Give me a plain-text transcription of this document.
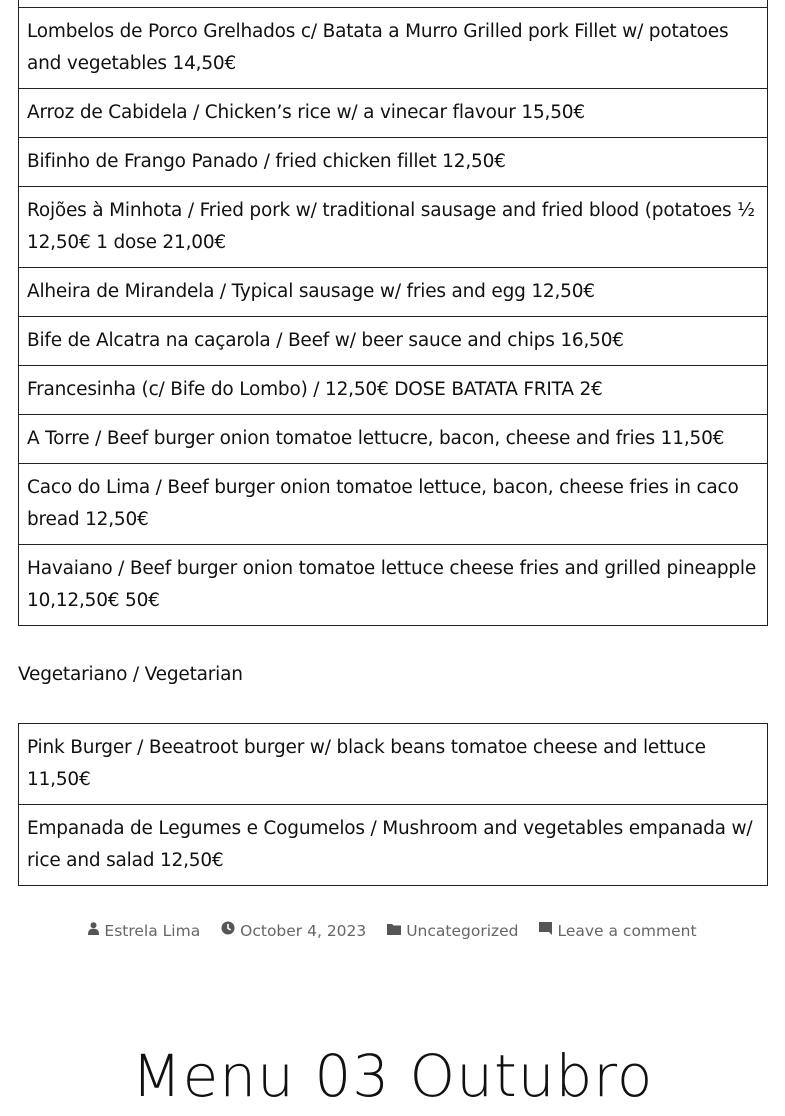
Lombelos de Porco Grelhados c/ Batata a Murro Grilled pork Fillet w/ potatoes and vegetables 14,50€
Arroz de Cabidela / Chicken’s rice w/ a vinecar flavour 15,50€
Bifinho de Frango Panado / fried chicken fillet 12,50€
Rojões à Minhota / Fried pork w/ traditional sausage and fried blood (potatoes ½ 12,50€ 1 dose 21,00€
Alheira de Mirandela / Typical sausage w/ fries and egg 12,50€
Bife de Alcatra na caçarola / Beef w/ beer sauce and chips 16,50€
Francesinha (c/ Bife do Lombo) / 12,50€ DOSE BATATA FRITA 2€
A Torre / Beef burger onion tomatoe lettucre, bacon, cheese and fries 11,50€
Caco do Lima / Beef burger onion tomatoe lettuce, bacon, cheese fries in caco bread 12,50€
Havaiano / Beef burger onion tomatoe lettuce cheese fries and grilled pineapple 10,12,50€ 50€
Vegetariano / Vegetarian
Pink Burger / Beeatroot burger w/ black beans tomatoe cheese and lettuce 11,50€
Empanada de Legumes e Cogumelos / Mushroom and vegetables empanada w/ rice and salad 12,50€
Estrela Lima	October 4, 2023	Uncategorized	Leave a comment
Menu 03 Outubro
